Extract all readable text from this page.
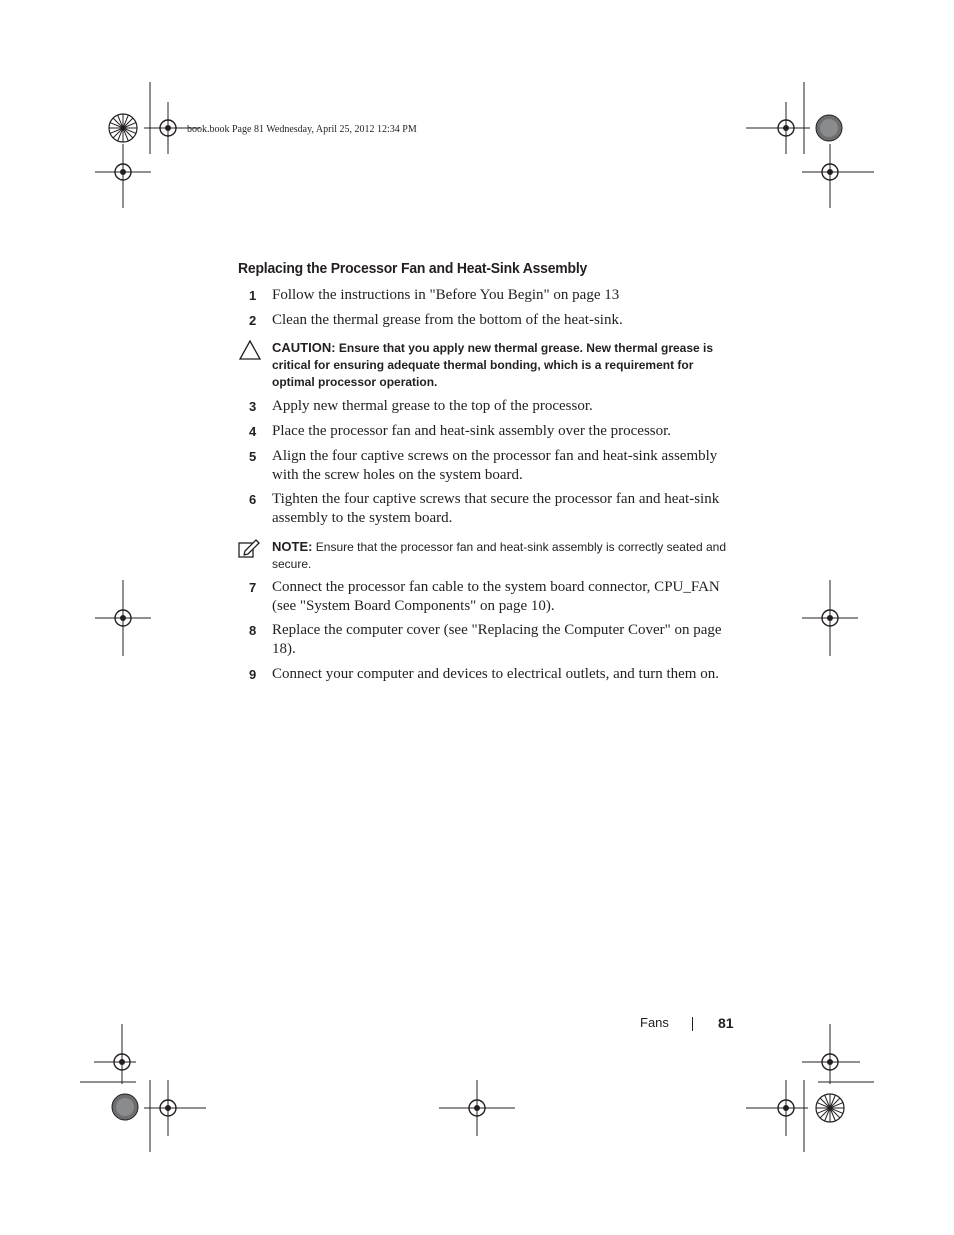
book.book Page 81 Wednesday, April 25, 2012 12:34 PM
Replacing the Processor Fan and Heat-Sink Assembly
1 Follow the instructions in "Before You Begin" on page 13
2 Clean the thermal grease from the bottom of the heat-sink.
CAUTION: Ensure that you apply new thermal grease. New thermal grease is critical for ensuring adequate thermal bonding, which is a requirement for optimal processor operation.
3 Apply new thermal grease to the top of the processor.
4 Place the processor fan and heat-sink assembly over the processor.
5 Align the four captive screws on the processor fan and heat-sink assembly with the screw holes on the system board.
6 Tighten the four captive screws that secure the processor fan and heat-sink assembly to the system board.
NOTE: Ensure that the processor fan and heat-sink assembly is correctly seated and secure.
7 Connect the processor fan cable to the system board connector, CPU_FAN (see "System Board Components" on page 10).
8 Replace the computer cover (see "Replacing the Computer Cover" on page 18).
9 Connect your computer and devices to electrical outlets, and turn them on.
Fans	81
